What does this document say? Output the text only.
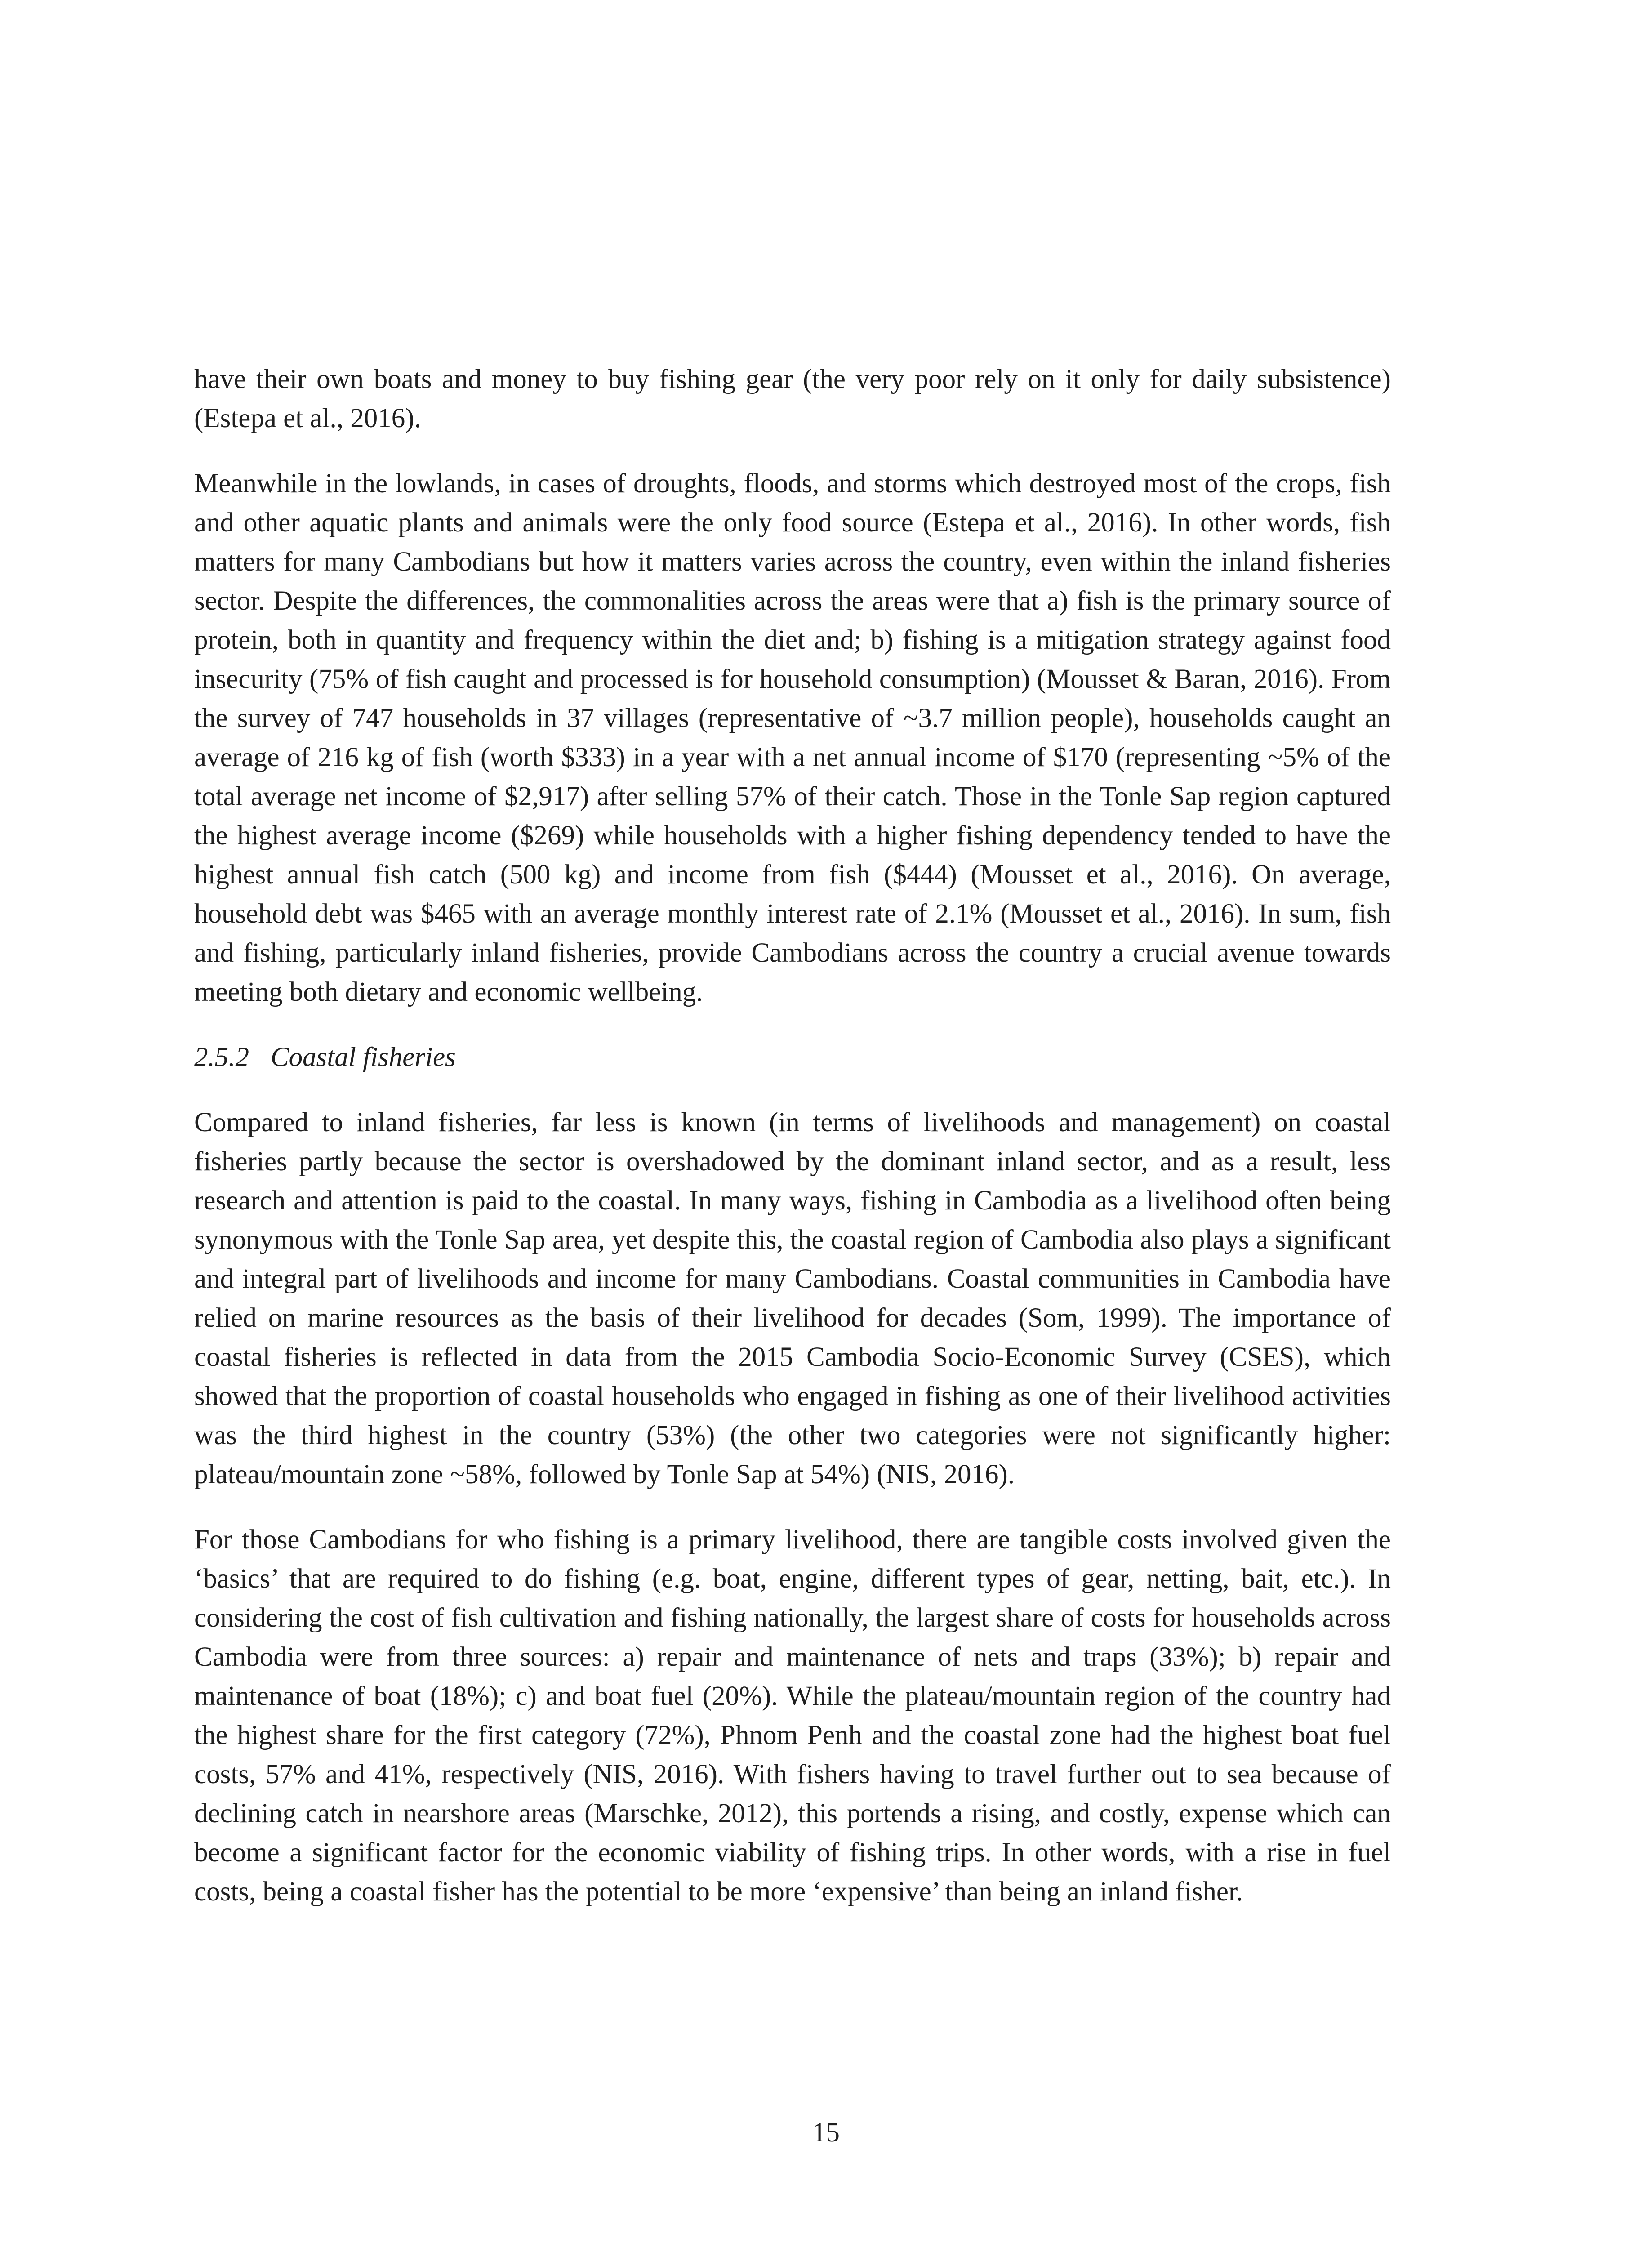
have their own boats and money to buy fishing gear (the very poor rely on it only for daily subsistence) (Estepa et al., 2016).

Meanwhile in the lowlands, in cases of droughts, floods, and storms which destroyed most of the crops, fish and other aquatic plants and animals were the only food source (Estepa et al., 2016). In other words, fish matters for many Cambodians but how it matters varies across the country, even within the inland fisheries sector. Despite the differences, the commonalities across the areas were that a) fish is the primary source of protein, both in quantity and frequency within the diet and; b) fishing is a mitigation strategy against food insecurity (75% of fish caught and processed is for household consumption) (Mousset & Baran, 2016). From the survey of 747 households in 37 villages (representative of ~3.7 million people), households caught an average of 216 kg of fish (worth $333) in a year with a net annual income of $170 (representing ~5% of the total average net income of $2,917) after selling 57% of their catch. Those in the Tonle Sap region captured the highest average income ($269) while households with a higher fishing dependency tended to have the highest annual fish catch (500 kg) and income from fish ($444) (Mousset et al., 2016). On average, household debt was $465 with an average monthly interest rate of 2.1% (Mousset et al., 2016). In sum, fish and fishing, particularly inland fisheries, provide Cambodians across the country a crucial avenue towards meeting both dietary and economic wellbeing.

2.5.2 Coastal fisheries

Compared to inland fisheries, far less is known (in terms of livelihoods and management) on coastal fisheries partly because the sector is overshadowed by the dominant inland sector, and as a result, less research and attention is paid to the coastal. In many ways, fishing in Cambodia as a livelihood often being synonymous with the Tonle Sap area, yet despite this, the coastal region of Cambodia also plays a significant and integral part of livelihoods and income for many Cambodians. Coastal communities in Cambodia have relied on marine resources as the basis of their livelihood for decades (Som, 1999). The importance of coastal fisheries is reflected in data from the 2015 Cambodia Socio-Economic Survey (CSES), which showed that the proportion of coastal households who engaged in fishing as one of their livelihood activities was the third highest in the country (53%) (the other two categories were not significantly higher: plateau/mountain zone ~58%, followed by Tonle Sap at 54%) (NIS, 2016).

For those Cambodians for who fishing is a primary livelihood, there are tangible costs involved given the ‘basics’ that are required to do fishing (e.g. boat, engine, different types of gear, netting, bait, etc.). In considering the cost of fish cultivation and fishing nationally, the largest share of costs for households across Cambodia were from three sources: a) repair and maintenance of nets and traps (33%); b) repair and maintenance of boat (18%); c) and boat fuel (20%). While the plateau/mountain region of the country had the highest share for the first category (72%), Phnom Penh and the coastal zone had the highest boat fuel costs, 57% and 41%, respectively (NIS, 2016). With fishers having to travel further out to sea because of declining catch in nearshore areas (Marschke, 2012), this portends a rising, and costly, expense which can become a significant factor for the economic viability of fishing trips. In other words, with a rise in fuel costs, being a coastal fisher has the potential to be more ‘expensive’ than being an inland fisher.

15
